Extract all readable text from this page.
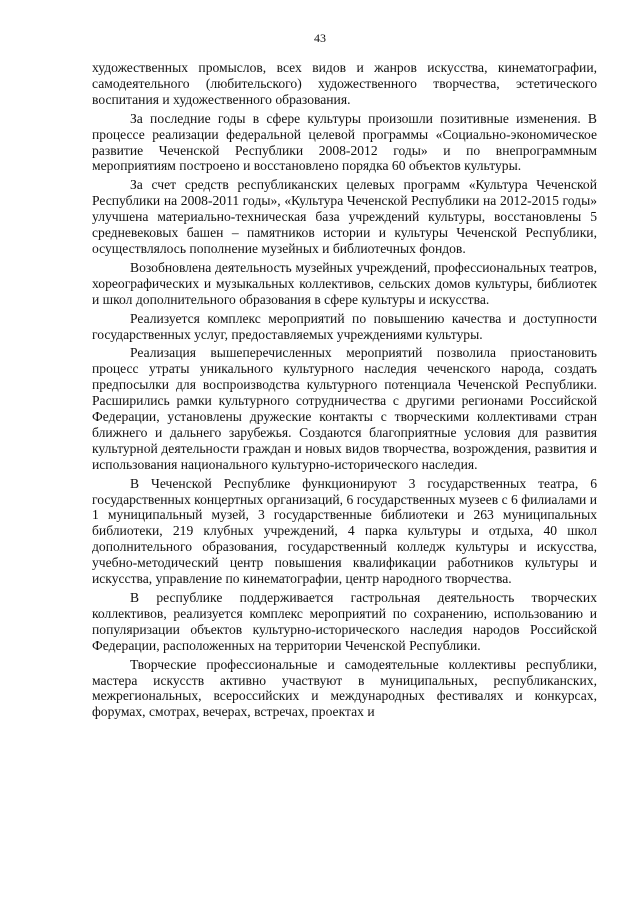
43

художественных промыслов, всех видов и жанров искусства, кинематографии, самодеятельного (любительского) художественного творчества, эстетического воспитания и художественного образования.

За последние годы в сфере культуры произошли позитивные изменения. В процессе реализации федеральной целевой программы «Социально-экономическое развитие Чеченской Республики 2008-2012 годы» и по внепрограммным мероприятиям построено и восстановлено порядка 60 объектов культуры.

За счет средств республиканских целевых программ «Культура Чеченской Республики на 2008-2011 годы», «Культура Чеченской Республики на 2012-2015 годы» улучшена материально-техническая база учреждений культуры, восстановлены 5 средневековых башен – памятников истории и культуры Чеченской Республики, осуществлялось пополнение музейных и библиотечных фондов.

Возобновлена деятельность музейных учреждений, профессиональных театров, хореографических и музыкальных коллективов, сельских домов культуры, библиотек и школ дополнительного образования в сфере культуры и искусства.

Реализуется комплекс мероприятий по повышению качества и доступности государственных услуг, предоставляемых учреждениями культуры.

Реализация вышеперечисленных мероприятий позволила приостановить процесс утраты уникального культурного наследия чеченского народа, создать предпосылки для воспроизводства культурного потенциала Чеченской Республики. Расширились рамки культурного сотрудничества с другими регионами Российской Федерации, установлены дружеские контакты с творческими коллективами стран ближнего и дальнего зарубежья. Создаются благоприятные условия для развития культурной деятельности граждан и новых видов творчества, возрождения, развития и использования национального культурно-исторического наследия.

В Чеченской Республике функционируют 3 государственных театра, 6 государственных концертных организаций, 6 государственных музеев с 6 филиалами и 1 муниципальный музей, 3 государственные библиотеки и 263 муниципальных библиотеки, 219 клубных учреждений, 4 парка культуры и отдыха, 40 школ дополнительного образования, государственный колледж культуры и искусства, учебно-методический центр повышения квалификации работников культуры и искусства, управление по кинематографии, центр народного творчества.

В республике поддерживается гастрольная деятельность творческих коллективов, реализуется комплекс мероприятий по сохранению, использованию и популяризации объектов культурно-исторического наследия народов Российской Федерации, расположенных на территории Чеченской Республики.

Творческие профессиональные и самодеятельные коллективы республики, мастера искусств активно участвуют в муниципальных, республиканских, межрегиональных, всероссийских и международных фестивалях и конкурсах, форумах, смотрах, вечерах, встречах, проектах и
